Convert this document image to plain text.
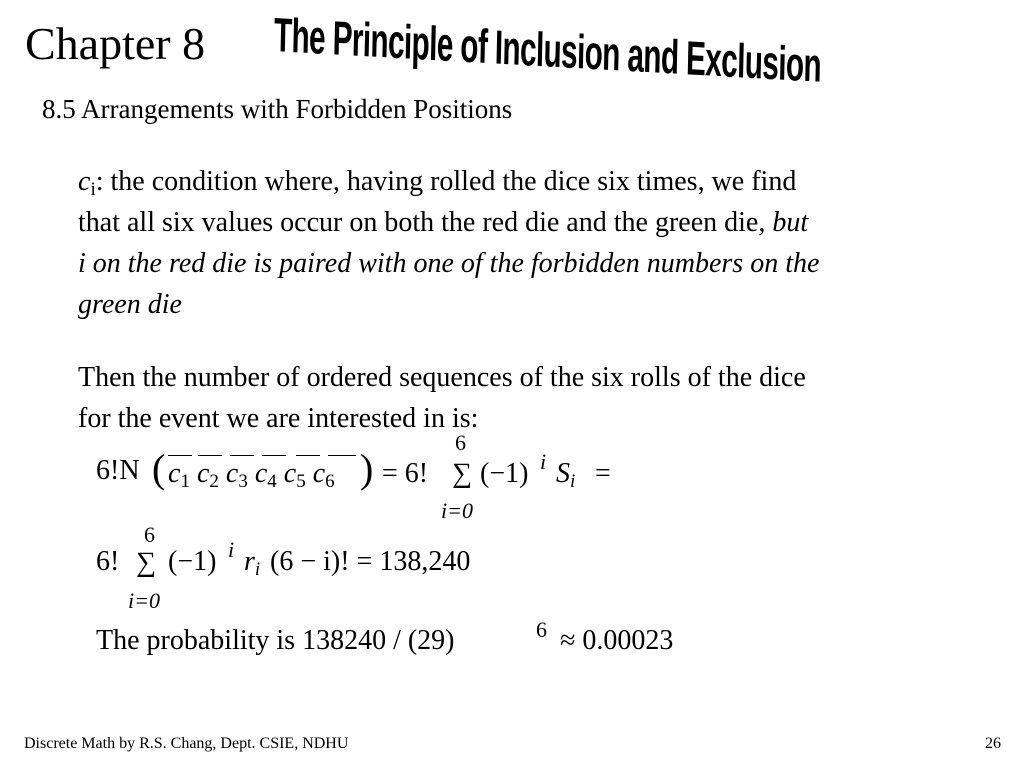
Chapter 8 The Principle of Inclusion and Exclusion
8.5 Arrangements with Forbidden Positions
$c_i$: the condition where, having rolled the dice six times, we find
that all six values occur on both the red die and the green die, but
i on the red die is paired with one of the forbidden numbers on the
green die
Then the number of ordered sequences of the six rolls of the dice
for the event we are interested in is:
6!N ( $c_1$ $c_2$ $c_3$ $c_4$ $c_5$ $c_6$ ) = 6!
6
∑
i=0
(−1) i $S_i$ =
6!
6
∑
i=0
(−1) i $r_i$ (6 − i)! = 138,240
The probability is 138240 / (29)	6 ≈ 0.00023
Discrete Math by R.S. Chang, Dept. CSIE, NDHU	26
